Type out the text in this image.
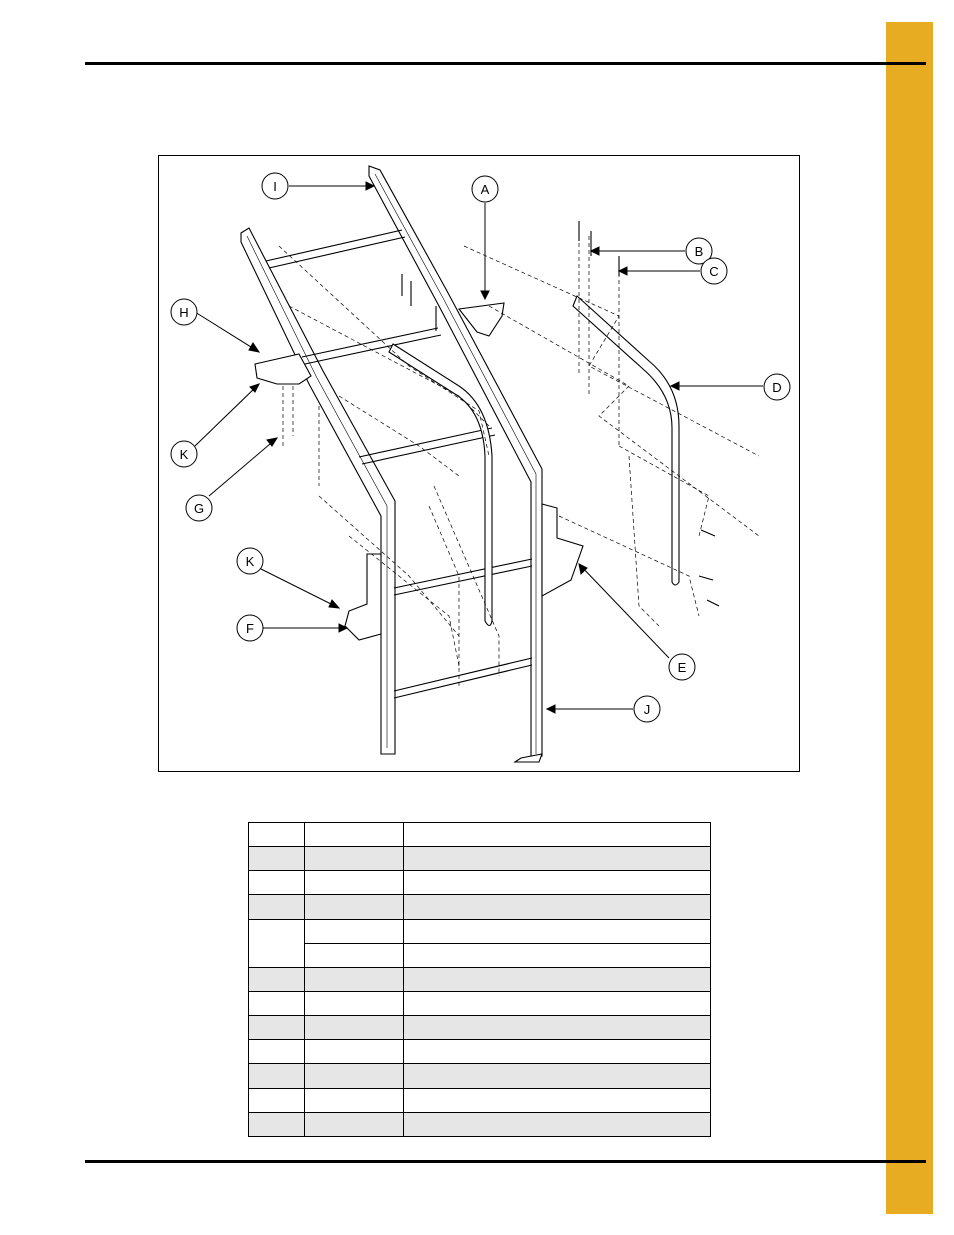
I	A
B
C
H
D
K
G
K
F
E
J
